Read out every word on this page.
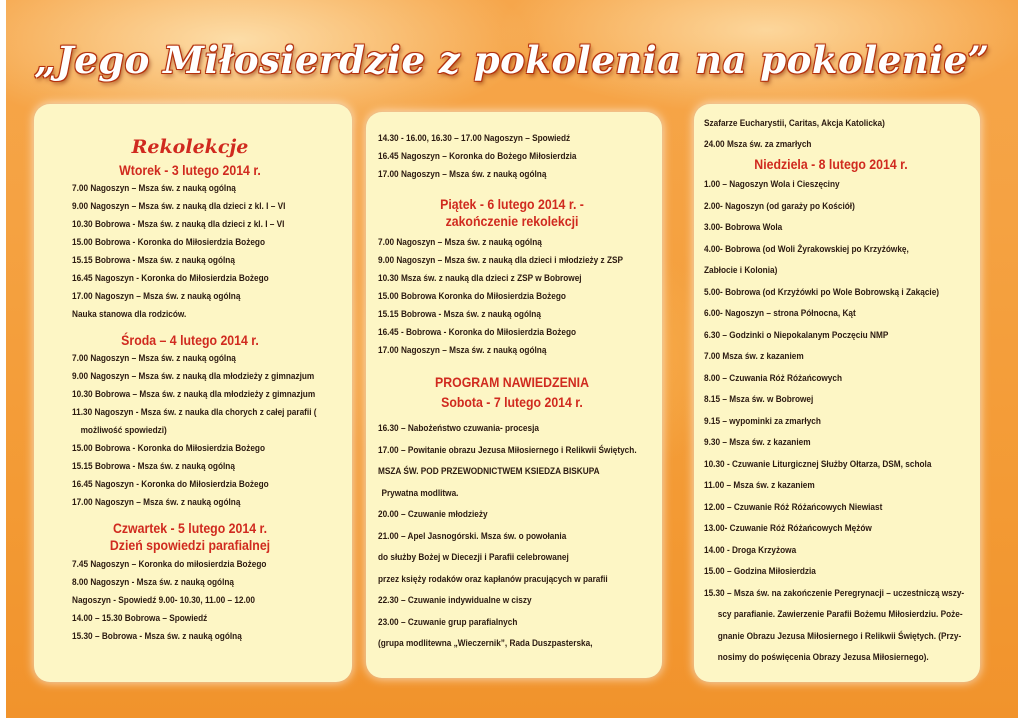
„Jego Miłosierdzie z pokolenia na pokolenie”
Rekolekcje
Wtorek - 3 lutego 2014 r.
7.00 Nagoszyn – Msza św. z nauką ogólną
9.00 Nagoszyn – Msza św. z nauką dla dzieci z kl. I – VI
10.30 Bobrowa - Msza św. z nauką dla dzieci z kl. I – VI
15.00 Bobrowa - Koronka do Miłosierdzia Bożego
15.15 Bobrowa - Msza św. z nauką ogólną
16.45 Nagoszyn - Koronka do Miłosierdzia Bożego
17.00 Nagoszyn – Msza św. z nauką ogólną
Nauka stanowa dla rodziców.
Środa – 4 lutego 2014 r.
7.00 Nagoszyn – Msza św. z nauką ogólną
9.00 Nagoszyn – Msza św. z nauką dla młodzieży z gimnazjum
10.30 Bobrowa – Msza św. z nauką dla młodzieży z gimnazjum
11.30 Nagoszyn - Msza św. z nauka dla chorych z całej parafii (
możliwość spowiedzi)
15.00 Bobrowa - Koronka do Miłosierdzia Bożego
15.15 Bobrowa - Msza św. z nauką ogólną
16.45 Nagoszyn - Koronka do Miłosierdzia Bożego
17.00 Nagoszyn – Msza św. z nauką ogólną
Czwartek - 5 lutego 2014 r.
Dzień spowiedzi parafialnej
7.45 Nagoszyn – Koronka do miłosierdzia Bożego
8.00 Nagoszyn - Msza św. z nauką ogólną
Nagoszyn - Spowiedź 9.00- 10.30, 11.00 – 12.00
14.00 – 15.30 Bobrowa – Spowiedź
15.30 – Bobrowa - Msza św. z nauką ogólną
14.30 - 16.00, 16.30 – 17.00 Nagoszyn – Spowiedź
16.45 Nagoszyn – Koronka do Bożego Miłosierdzia
17.00 Nagoszyn – Msza św. z nauką ogólną
Piątek - 6 lutego 2014 r. -
zakończenie rekolekcji
7.00 Nagoszyn – Msza św. z nauką ogólną
9.00 Nagoszyn – Msza św. z nauką dla dzieci i młodzieży z ZSP
10.30 Msza św. z nauką dla dzieci z ZSP w Bobrowej
15.00 Bobrowa Koronka do Miłosierdzia Bożego
15.15 Bobrowa - Msza św. z nauką ogólną
16.45 - Bobrowa - Koronka do Miłosierdzia Bożego
17.00 Nagoszyn – Msza św. z nauką ogólną
PROGRAM NAWIEDZENIA
Sobota - 7 lutego 2014 r.
16.30 – Nabożeństwo czuwania- procesja
17.00 – Powitanie obrazu Jezusa Miłosiernego i Relikwii Świętych.
MSZA ŚW. POD PRZEWODNICTWEM KSIEDZA BISKUPA
Prywatna modlitwa.
20.00 – Czuwanie młodzieży
21.00 – Apel Jasnogórski. Msza św. o powołania
do służby Bożej w Diecezji i Parafii celebrowanej
przez księży rodaków oraz kapłanów pracujących w parafii
22.30 – Czuwanie indywidualne w ciszy
23.00 – Czuwanie grup parafialnych
(grupa modlitewna „Wieczernik”, Rada Duszpasterska,
Szafarze Eucharystii, Caritas, Akcja Katolicka)
24.00 Msza św. za zmarłych
Niedziela - 8 lutego 2014 r.
1.00 – Nagoszyn Wola i Cieszęciny
2.00- Nagoszyn (od garaży po Kościół)
3.00- Bobrowa Wola
4.00- Bobrowa (od Woli Żyrakowskiej po Krzyżówkę,
Zabłocie i Kolonia)
5.00- Bobrowa (od Krzyżówki po Wole Bobrowską i Zakącie)
6.00- Nagoszyn – strona Północna, Kąt
6.30 – Godzinki o Niepokalanym Poczęciu NMP
7.00 Msza św. z kazaniem
8.00 – Czuwania Róż Różańcowych
8.15 – Msza św. w Bobrowej
9.15 – wypominki za zmarłych
9.30 – Msza św. z kazaniem
10.30 - Czuwanie Liturgicznej Służby Ołtarza, DSM, schola
11.00 – Msza św. z kazaniem
12.00 – Czuwanie Róż Różańcowych Niewiast
13.00- Czuwanie Róż Różańcowych Mężów
14.00 - Droga Krzyżowa
15.00 – Godzina Miłosierdzia
15.30 – Msza św. na zakończenie Peregrynacji – uczestniczą wszy-
scy parafianie. Zawierzenie Parafii Bożemu Miłosierdziu. Poże-
gnanie Obrazu Jezusa Miłosiernego i Relikwii Świętych. (Przy-
nosimy do poświęcenia Obrazy Jezusa Miłosiernego).
